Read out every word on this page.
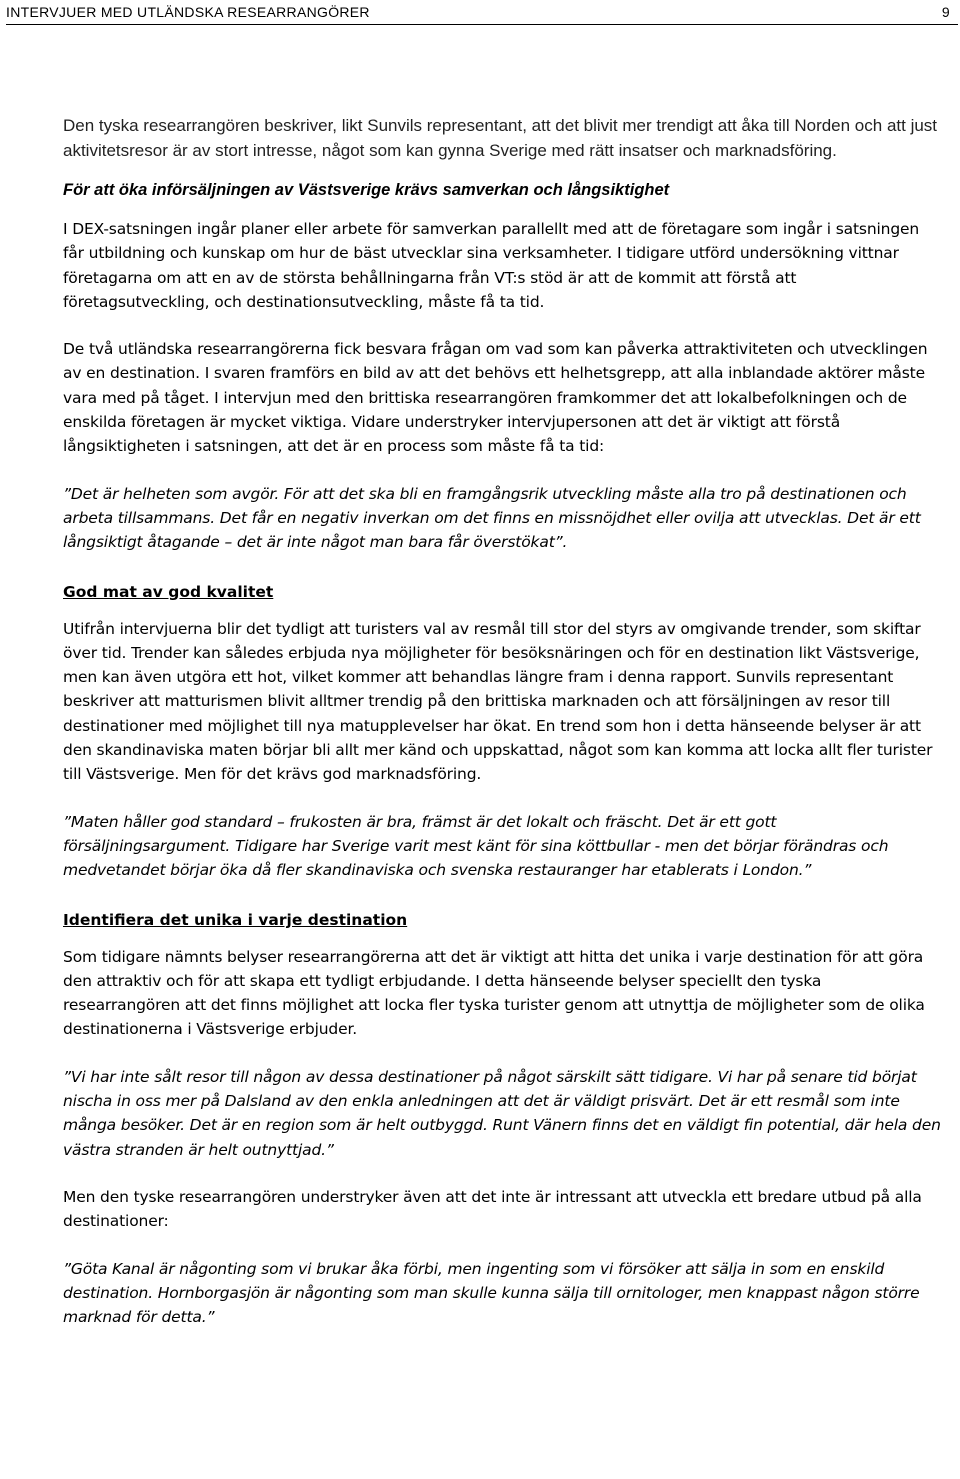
INTERVJUER MED UTLÄNDSKA RESEARRANGÖRER	9

Den tyska researrangören beskriver, likt Sunvils representant, att det blivit mer trendigt att åka till Norden och att just aktivitetsresor är av stort intresse, något som kan gynna Sverige med rätt insatser och marknadsföring.

För att öka införsäljningen av Västsverige krävs samverkan och långsiktighet

I DEX-satsningen ingår planer eller arbete för samverkan parallellt med att de företagare som ingår i satsningen får utbildning och kunskap om hur de bäst utvecklar sina verksamheter. I tidigare utförd undersökning vittnar företagarna om att en av de största behållningarna från VT:s stöd är att de kommit att förstå att företagsutveckling, och destinationsutveckling, måste få ta tid.

De två utländska researrangörerna fick besvara frågan om vad som kan påverka attraktiviteten och utvecklingen av en destination. I svaren framförs en bild av att det behövs ett helhetsgrepp, att alla inblandade aktörer måste vara med på tåget. I intervjun med den brittiska researrangören framkommer det att lokalbefolkningen och de enskilda företagen är mycket viktiga. Vidare understryker intervjupersonen att det är viktigt att förstå långsiktigheten i satsningen, att det är en process som måste få ta tid:

”Det är helheten som avgör. För att det ska bli en framgångsrik utveckling måste alla tro på destinationen och arbeta tillsammans. Det får en negativ inverkan om det finns en missnöjdhet eller ovilja att utvecklas. Det är ett långsiktigt åtagande – det är inte något man bara får överstökat”.

God mat av god kvalitet

Utifrån intervjuerna blir det tydligt att turisters val av resmål till stor del styrs av omgivande trender, som skiftar över tid. Trender kan således erbjuda nya möjligheter för besöksnäringen och för en destination likt Västsverige, men kan även utgöra ett hot, vilket kommer att behandlas längre fram i denna rapport. Sunvils representant beskriver att matturismen blivit alltmer trendig på den brittiska marknaden och att försäljningen av resor till destinationer med möjlighet till nya matupplevelser har ökat. En trend som hon i detta hänseende belyser är att den skandinaviska maten börjar bli allt mer känd och uppskattad, något som kan komma att locka allt fler turister till Västsverige. Men för det krävs god marknadsföring.

”Maten håller god standard – frukosten är bra, främst är det lokalt och fräscht. Det är ett gott försäljningsargument. Tidigare har Sverige varit mest känt för sina köttbullar - men det börjar förändras och medvetandet börjar öka då fler skandinaviska och svenska restauranger har etablerats i London.”

Identifiera det unika i varje destination

Som tidigare nämnts belyser researrangörerna att det är viktigt att hitta det unika i varje destination för att göra den attraktiv och för att skapa ett tydligt erbjudande. I detta hänseende belyser speciellt den tyska researrangören att det finns möjlighet att locka fler tyska turister genom att utnyttja de möjligheter som de olika destinationerna i Västsverige erbjuder.

”Vi har inte sålt resor till någon av dessa destinationer på något särskilt sätt tidigare. Vi har på senare tid börjat nischa in oss mer på Dalsland av den enkla anledningen att det är väldigt prisvärt. Det är ett resmål som inte många besöker. Det är en region som är helt outbyggd. Runt Vänern finns det en väldigt fin potential, där hela den västra stranden är helt outnyttjad.”

Men den tyske researrangören understryker även att det inte är intressant att utveckla ett bredare utbud på alla destinationer:

”Göta Kanal är någonting som vi brukar åka förbi, men ingenting som vi försöker att sälja in som en enskild destination. Hornborgasjön är någonting som man skulle kunna sälja till ornitologer, men knappast någon större marknad för detta.”
